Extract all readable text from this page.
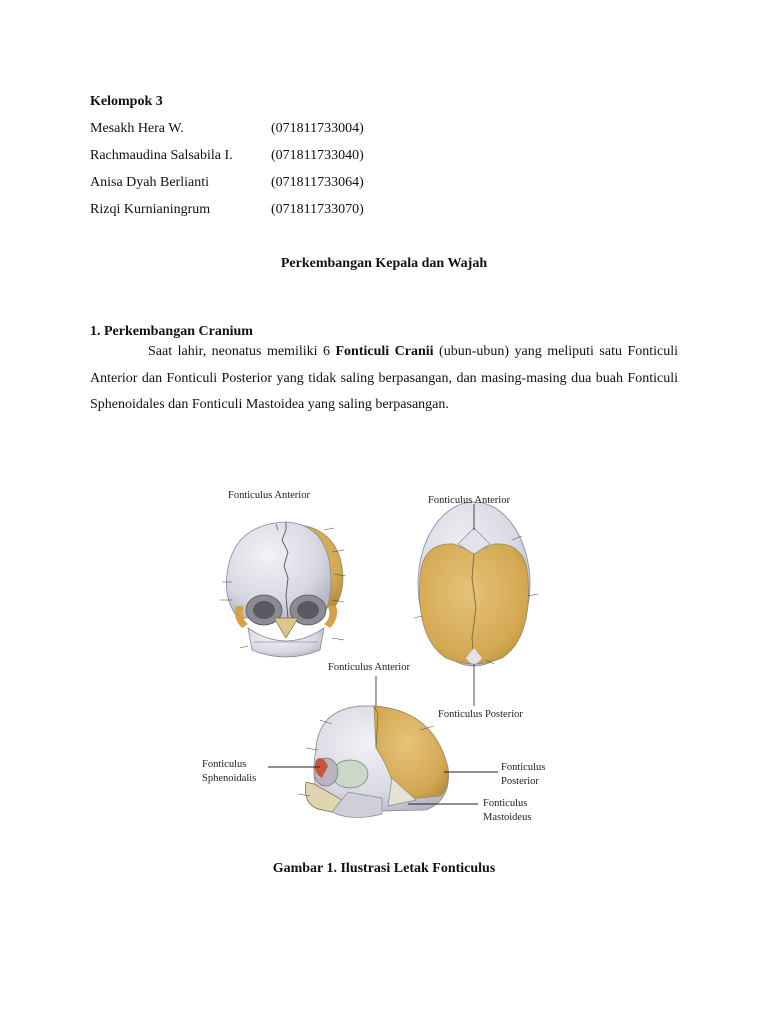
Kelompok 3
Mesakh Hera W.	(071811733004)
Rachmaudina Salsabila I.	(071811733040)
Anisa Dyah Berlianti	(071811733064)
Rizqi Kurnianingrum	(071811733070)
Perkembangan Kepala dan Wajah
1. Perkembangan Cranium
Saat lahir, neonatus memiliki 6 Fonticuli Cranii (ubun-ubun) yang meliputi satu Fonticuli Anterior dan Fonticuli Posterior yang tidak saling berpasangan, dan masing-masing dua buah Fonticuli Sphenoidales dan Fonticuli Mastoidea yang saling berpasangan.
Fonticulus Anterior	Fonticulus Anterior
Fonticulus Anterior
Fonticulus Posterior
Fonticulus
Sphenoidalis
Fonticulus
Posterior
Fonticulus
Mastoideus
Gambar 1. Ilustrasi Letak Fonticulus
